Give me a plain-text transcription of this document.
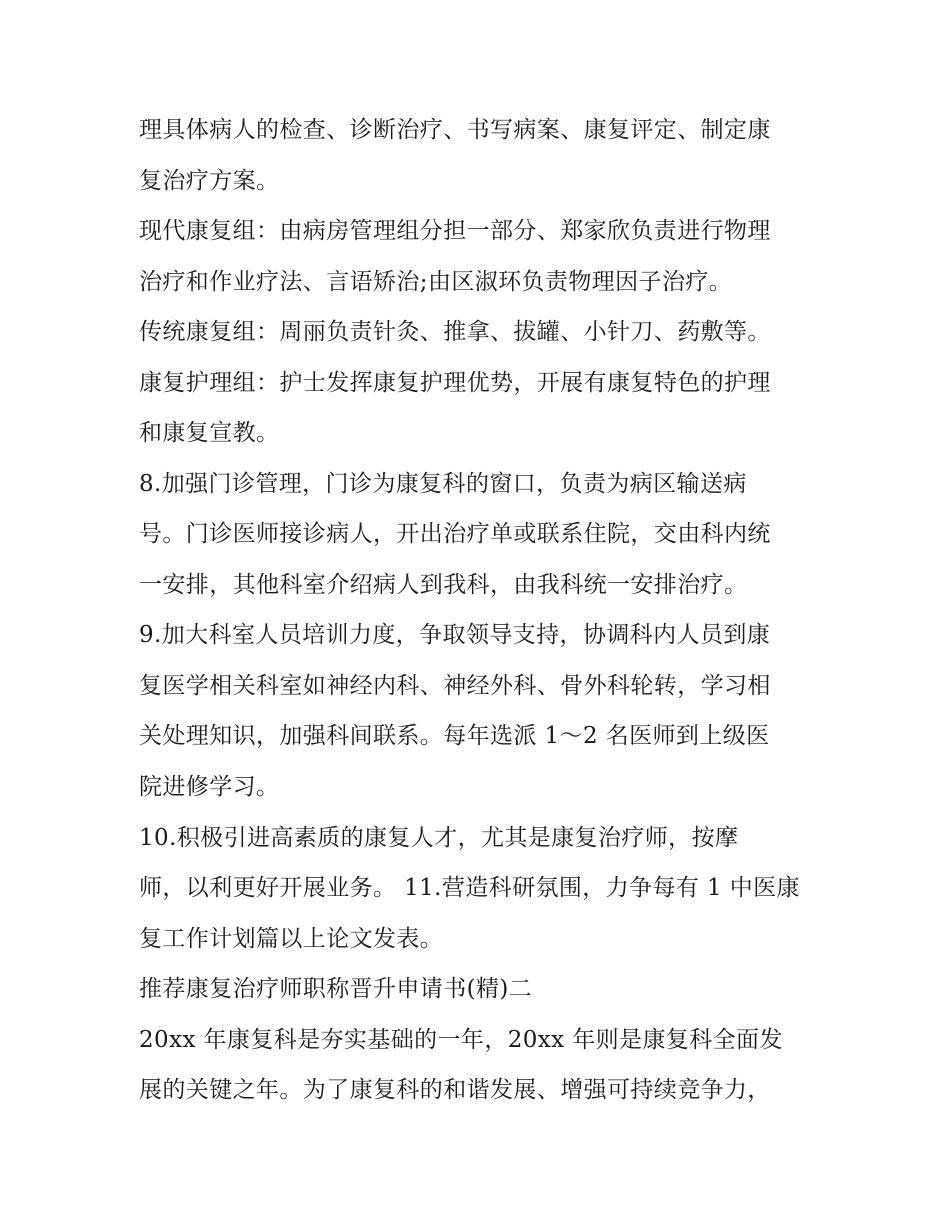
理具体病人的检查、诊断治疗、书写病案、康复评定、制定康

复治疗方案。

现代康复组：由病房管理组分担一部分、郑家欣负责进行物理

治疗和作业疗法、言语矫治;由区淑环负责物理因子治疗。

传统康复组：周丽负责针灸、推拿、拔罐、小针刀、药敷等。

康复护理组：护士发挥康复护理优势，开展有康复特色的护理

和康复宣教。

8.加强门诊管理，门诊为康复科的窗口，负责为病区输送病

号。门诊医师接诊病人，开出治疗单或联系住院，交由科内统

一安排，其他科室介绍病人到我科，由我科统一安排治疗。

9.加大科室人员培训力度，争取领导支持，协调科内人员到康

复医学相关科室如神经内科、神经外科、骨外科轮转，学习相

关处理知识，加强科间联系。每年选派 1～2 名医师到上级医

院进修学习。

10.积极引进高素质的康复人才，尤其是康复治疗师，按摩

师，以利更好开展业务。 11.营造科研氛围，力争每有 1 中医康

复工作计划篇以上论文发表。

推荐康复治疗师职称晋升申请书(精)二

20xx 年康复科是夯实基础的一年，20xx 年则是康复科全面发

展的关键之年。为了康复科的和谐发展、增强可持续竞争力，
